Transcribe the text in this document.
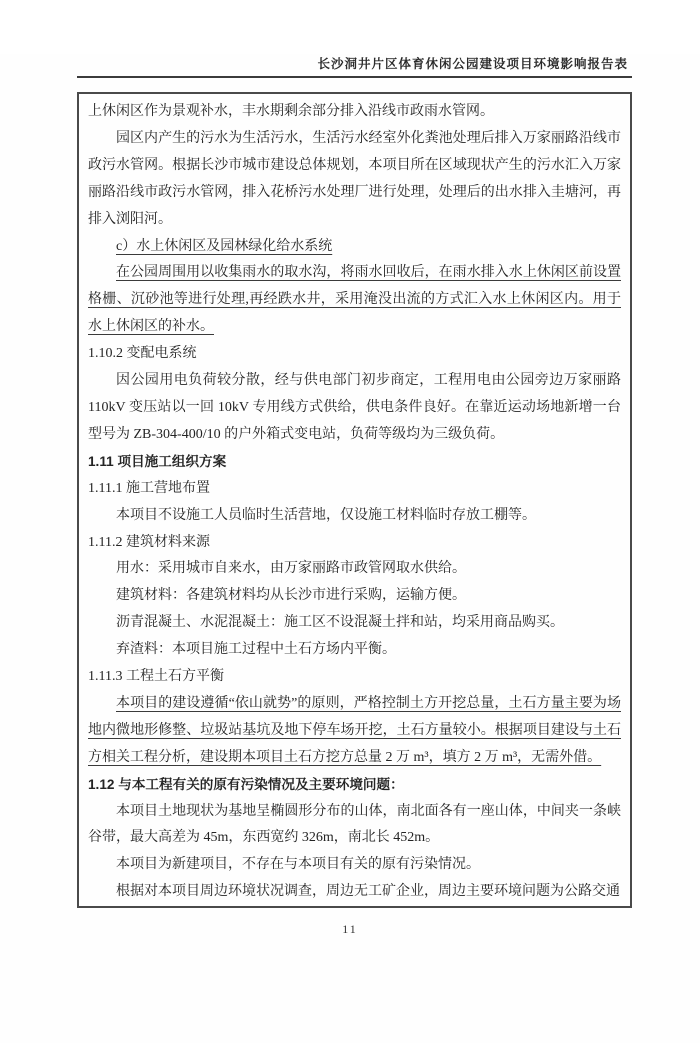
长沙洞井片区体育休闲公园建设项目环境影响报告表

上休闲区作为景观补水，丰水期剩余部分排入沿线市政雨水管网。

园区内产生的污水为生活污水，生活污水经室外化粪池处理后排入万家丽路沿线市政污水管网。根据长沙市城市建设总体规划，本项目所在区域现状产生的污水汇入万家丽路沿线市政污水管网，排入花桥污水处理厂进行处理，处理后的出水排入圭塘河，再排入浏阳河。

c）水上休闲区及园林绿化给水系统

在公园周围用以收集雨水的取水沟，将雨水回收后，在雨水排入水上休闲区前设置格栅、沉砂池等进行处理,再经跌水井，采用淹没出流的方式汇入水上休闲区内。用于水上休闲区的补水。

1.10.2 变配电系统

因公园用电负荷较分散，经与供电部门初步商定，工程用电由公园旁边万家丽路110kV 变压站以一回 10kV 专用线方式供给，供电条件良好。在靠近运动场地新增一台型号为 ZB-304-400/10 的户外箱式变电站，负荷等级均为三级负荷。

1.11 项目施工组织方案

1.11.1 施工营地布置

本项目不设施工人员临时生活营地，仅设施工材料临时存放工棚等。

1.11.2 建筑材料来源

用水：采用城市自来水，由万家丽路市政管网取水供给。

建筑材料：各建筑材料均从长沙市进行采购，运输方便。

沥青混凝土、水泥混凝土：施工区不设混凝土拌和站，均采用商品购买。

弃渣料：本项目施工过程中土石方场内平衡。

1.11.3 工程土石方平衡

本项目的建设遵循“依山就势”的原则，严格控制土方开挖总量，土石方量主要为场地内微地形修整、垃圾站基坑及地下停车场开挖，土石方量较小。根据项目建设与土石方相关工程分析，建设期本项目土石方挖方总量 2 万 m³，填方 2 万 m³，无需外借。

1.12 与本工程有关的原有污染情况及主要环境问题：

本项目土地现状为基地呈椭圆形分布的山体，南北面各有一座山体，中间夹一条峡谷带，最大高差为 45m，东西宽约 326m，南北长 452m。

本项目为新建项目，不存在与本项目有关的原有污染情况。

根据对本项目周边环境状况调查，周边无工矿企业，周边主要环境问题为公路交通

11
